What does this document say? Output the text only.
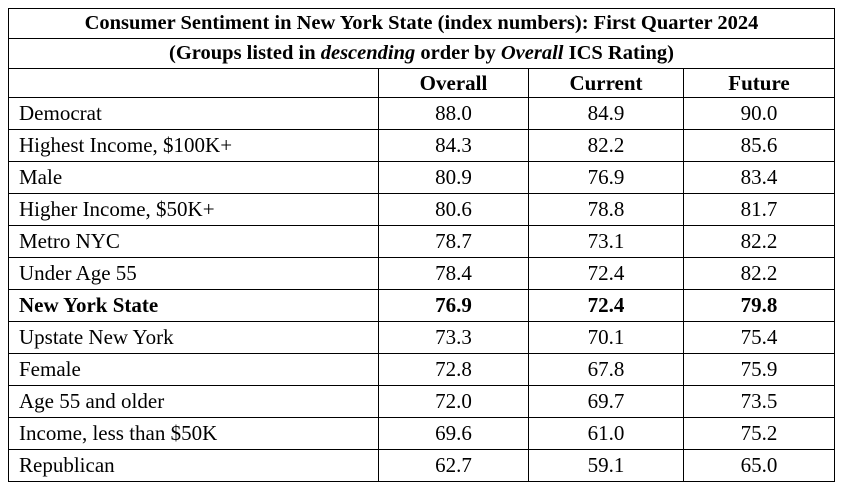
Consumer Sentiment in New York State (index numbers): First Quarter 2024			
(Groups listed in descending order by Overall ICS Rating)			
	Overall	Current	Future
Democrat	88.0	84.9	90.0
Highest Income, $100K+	84.3	82.2	85.6
Male	80.9	76.9	83.4
Higher Income, $50K+	80.6	78.8	81.7
Metro NYC	78.7	73.1	82.2
Under Age 55	78.4	72.4	82.2
New York State	76.9	72.4	79.8
Upstate New York	73.3	70.1	75.4
Female	72.8	67.8	75.9
Age 55 and older	72.0	69.7	73.5
Income, less than $50K	69.6	61.0	75.2
Republican	62.7	59.1	65.0
